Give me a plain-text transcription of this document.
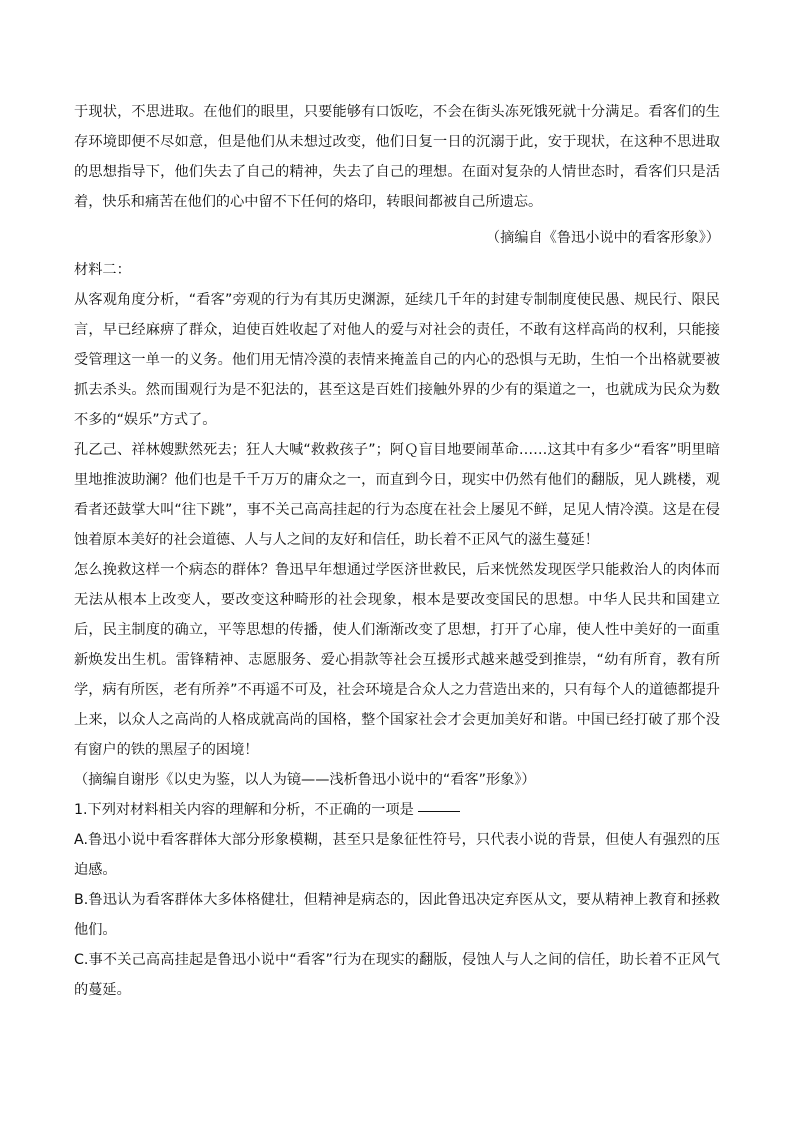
于现状，不思进取。在他们的眼里，只要能够有口饭吃，不会在街头冻死饿死就十分满足。看客们的生存环境即便不尽如意，但是他们从未想过改变，他们日复一日的沉溺于此，安于现状，在这种不思进取的思想指导下，他们失去了自己的精神，失去了自己的理想。在面对复杂的人情世态时，看客们只是活着，快乐和痛苦在他们的心中留不下任何的烙印，转眼间都被自己所遗忘。

（摘编自《鲁迅小说中的看客形象》）
材料二：

从客观角度分析，“看客”旁观的行为有其历史渊源，延续几千年的封建专制制度使民愚、规民行、限民言，早已经麻痹了群众，迫使百姓收起了对他人的爱与对社会的责任，不敢有这样高尚的权利，只能接受管理这一单一的义务。他们用无情冷漠的表情来掩盖自己的内心的恐惧与无助，生怕一个出格就要被抓去杀头。然而围观行为是不犯法的，甚至这是百姓们接触外界的少有的渠道之一，也就成为民众为数不多的“娱乐”方式了。

孔乙己、祥林嫂默然死去；狂人大喊“救救孩子”；阿Ｑ盲目地要闹革命……这其中有多少“看客”明里暗里地推波助澜？他们也是千千万万的庸众之一，而直到今日，现实中仍然有他们的翻版，见人跳楼，观看者还鼓掌大叫“往下跳”，事不关己高高挂起的行为态度在社会上屡见不鲜，足见人情冷漠。这是在侵蚀着原本美好的社会道德、人与人之间的友好和信任，助长着不正风气的滋生蔓延！

怎么挽救这样一个病态的群体？鲁迅早年想通过学医济世救民，后来恍然发现医学只能救治人的肉体而无法从根本上改变人，要改变这种畸形的社会现象，根本是要改变国民的思想。中华人民共和国建立后，民主制度的确立，平等思想的传播，使人们渐渐改变了思想，打开了心扉，使人性中美好的一面重新焕发出生机。雷锋精神、志愿服务、爱心捐款等社会互援形式越来越受到推崇，“幼有所育，教有所学，病有所医，老有所养”不再遥不可及，社会环境是合众人之力营造出来的，只有每个人的道德都提升上来，以众人之高尚的人格成就高尚的国格，整个国家社会才会更加美好和谐。中国已经打破了那个没有窗户的铁的黑屋子的困境！

（摘编自谢彤《以史为鉴，以人为镜——浅析鲁迅小说中的“看客”形象》）

1.下列对材料相关内容的理解和分析，不正确的一项是

A.鲁迅小说中看客群体大部分形象模糊，甚至只是象征性符号，只代表小说的背景，但使人有强烈的压迫感。

B.鲁迅认为看客群体大多体格健壮，但精神是病态的，因此鲁迅决定弃医从文，要从精神上教育和拯救他们。

C.事不关己高高挂起是鲁迅小说中“看客”行为在现实的翻版，侵蚀人与人之间的信任，助长着不正风气的蔓延。
